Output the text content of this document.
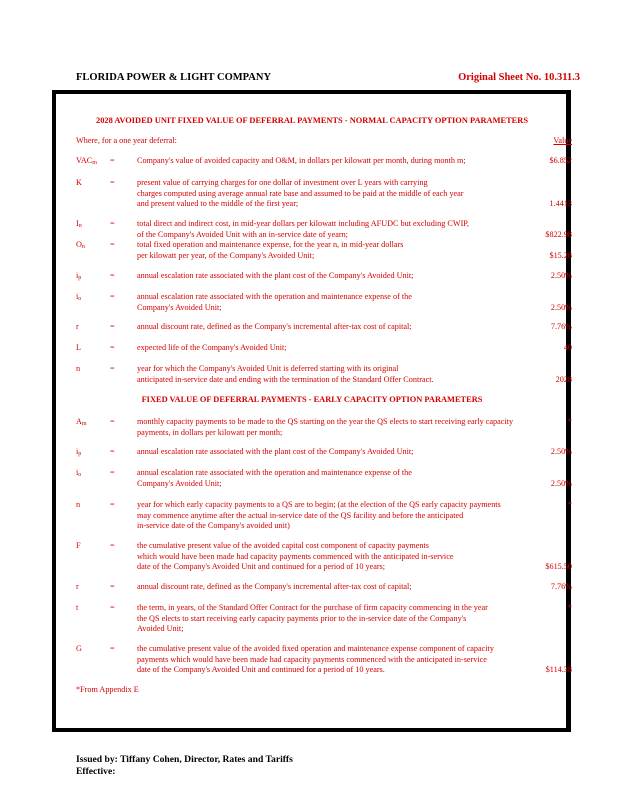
FLORIDA POWER & LIGHT COMPANY	Original Sheet No. 10.311.3
2028 AVOIDED UNIT FIXED VALUE OF DEFERRAL PAYMENTS - NORMAL CAPACITY OPTION PARAMETERS
Where, for a one year deferral:	Value
$VAC_m$	=	Company's value of avoided capacity and O&M, in dollars per kilowatt per month, during month m;	$6.852
K	=	present value of carrying charges for one dollar of investment over L years with carrying
charges computed using average annual rate base and assumed to be paid at the middle of each year
and present valued to the middle of the first year;	1.4413
$I_n$	=	total direct and indirect cost, in mid-year dollars per kilowatt including AFUDC but excluding CWIP,
of the Company's Avoided Unit with an in-service date of yearn;	$822.98
$O_n$	=	total fixed operation and maintenance expense, for the year n, in mid-year dollars
per kilowatt per year, of the Company's Avoided Unit;	$15.28
$i_p$	=	annual escalation rate associated with the plant cost of the Company's Avoided Unit;	2.50%
$i_o$	=	annual escalation rate associated with the operation and maintenance expense of the
Company's Avoided Unit;	2.50%
r	=	annual discount rate, defined as the Company's incremental after-tax cost of capital;	7.76%
L	=	expected life of the Company's Avoided Unit;	40
n	=	year for which the Company's Avoided Unit is deferred starting with its original
anticipated in-service date and ending with the termination of the Standard Offer Contract.	2028
FIXED VALUE OF DEFERRAL PAYMENTS - EARLY CAPACITY OPTION PARAMETERS
$A_m$	=	monthly capacity payments to be made to the QS starting on the year the QS elects to start receiving early capacity
payments, in dollars per kilowatt per month;
*
$i_p$	=	annual escalation rate associated with the plant cost of the Company's Avoided Unit;	2.50%
$i_o$	=	annual escalation rate associated with the operation and maintenance expense of the
Company's Avoided Unit;	2.50%
n	=	year for which early capacity payments to a QS are to begin; (at the election of the QS early capacity payments
may commence anytime after the actual in-service date of the QS facility and before the anticipated
in-service date of the Company's avoided unit)
*
F	=	the cumulative present value of the avoided capital cost component of capacity payments
which would have been made had capacity payments commenced with the anticipated in-service
date of the Company's Avoided Unit and continued for a period of 10 years;	$615.50
r	=	annual discount rate, defined as the Company's incremental after-tax cost of capital;	7.76%
t	=	the term, in years, of the Standard Offer Contract for the purchase of firm capacity commencing in the year
the QS elects to start receiving early capacity payments prior to the in-service date of the Company's
Avoided Unit;
*
G	=	the cumulative present value of the avoided fixed operation and maintenance expense component of capacity
payments which would have been made had capacity payments commenced with the anticipated in-service
date of the Company's Avoided Unit and continued for a period of 10 years.	$114.38
*From Appendix E
Issued by: Tiffany Cohen, Director, Rates and Tariffs
Effective:
